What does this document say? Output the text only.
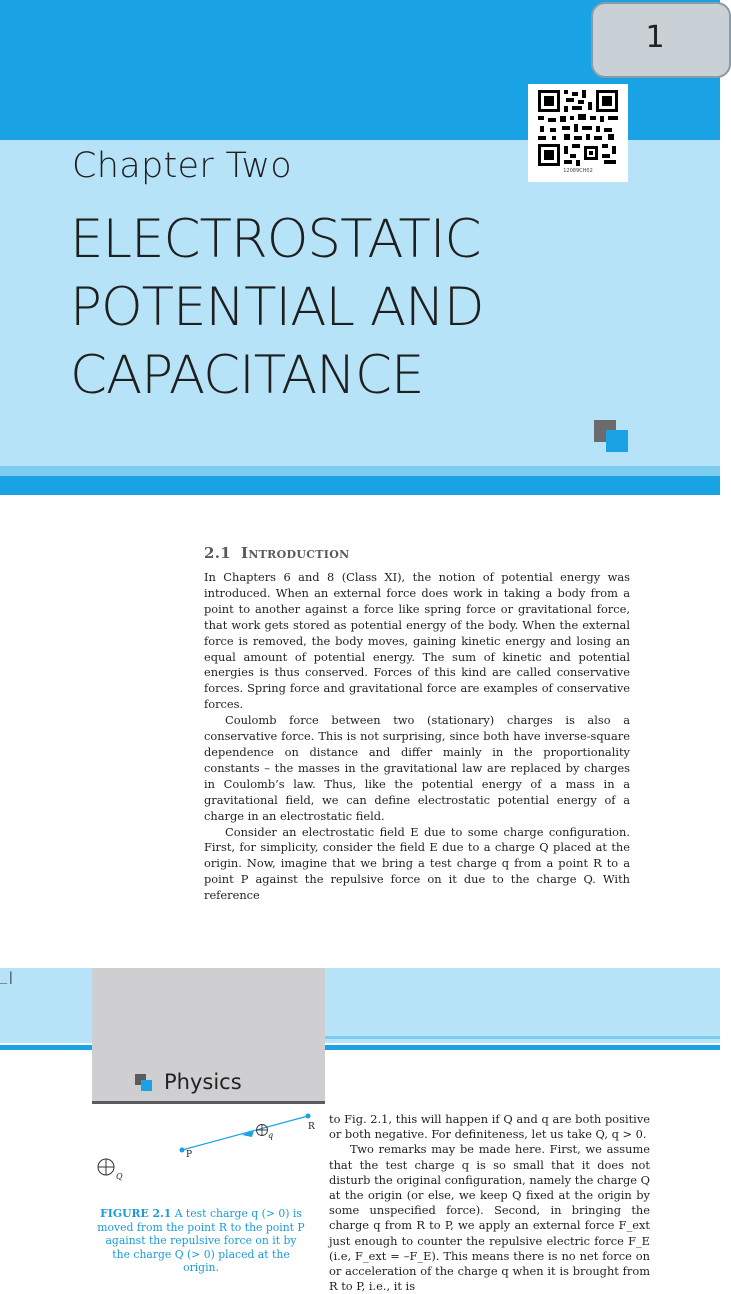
1
12089CH02
Chapter Two
ELECTROSTATIC
POTENTIAL AND
CAPACITANCE
2.1 Introduction

In Chapters 6 and 8 (Class XI), the notion of potential energy was introduced. When an external force does work in taking a body from a point to another against a force like spring force or gravitational force, that work gets stored as potential energy of the body. When the external force is removed, the body moves, gaining kinetic energy and losing an equal amount of potential energy. The sum of kinetic and potential energies is thus conserved. Forces of this kind are called conservative forces. Spring force and gravitational force are examples of conservative forces.

Coulomb force between two (stationary) charges is also a conservative force. This is not surprising, since both have inverse-square dependence on distance and differ mainly in the proportionality constants – the masses in the gravitational law are replaced by charges in Coulomb’s law. Thus, like the potential energy of a mass in a gravitational field, we can define electrostatic potential energy of a charge in an electrostatic field.

Consider an electrostatic field E due to some charge configuration. First, for simplicity, consider the field E due to a charge Q placed at the origin. Now, imagine that we bring a test charge q from a point R to a point P against the repulsive force on it due to the charge Q. With reference

_|
Physics
R
P
q
Q
FIGURE 2.1 A test charge q (> 0) is moved from the point R to the point P against the repulsive force on it by the charge Q (> 0) placed at the origin.

to Fig. 2.1, this will happen if Q and q are both positive or both negative. For definiteness, let us take Q, q > 0.

Two remarks may be made here. First, we assume that the test charge q is so small that it does not disturb the original configuration, namely the charge Q at the origin (or else, we keep Q fixed at the origin by some unspecified force). Second, in bringing the charge q from R to P, we apply an external force F_ext just enough to counter the repulsive electric force F_E (i.e, F_ext = –F_E). This means there is no net force on or acceleration of the charge q when it is brought from R to P, i.e., it is
